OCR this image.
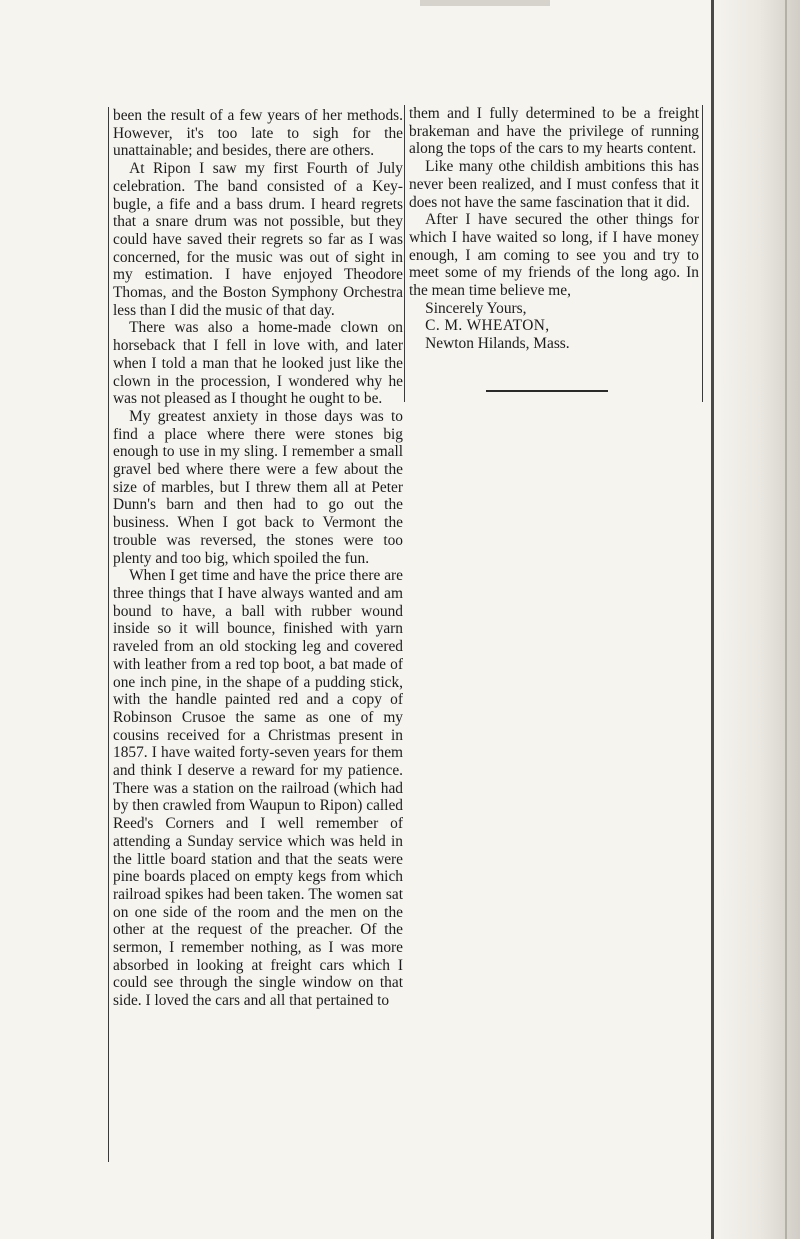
been the result of a few years of her methods. However, it's too late to sigh for the unattainable; and besides, there are others.

At Ripon I saw my first Fourth of July celebration. The band consisted of a Key-bugle, a fife and a bass drum. I heard regrets that a snare drum was not possible, but they could have saved their regrets so far as I was concerned, for the music was out of sight in my estimation. I have enjoyed Theodore Thomas, and the Boston Symphony Orchestra less than I did the music of that day.

There was also a home-made clown on horseback that I fell in love with, and later when I told a man that he looked just like the clown in the procession, I wondered why he was not pleased as I thought he ought to be.

My greatest anxiety in those days was to find a place where there were stones big enough to use in my sling. I remember a small gravel bed where there were a few about the size of marbles, but I threw them all at Peter Dunn's barn and then had to go out the business. When I got back to Vermont the trouble was reversed, the stones were too plenty and too big, which spoiled the fun.

When I get time and have the price there are three things that I have always wanted and am bound to have, a ball with rubber wound inside so it will bounce, finished with yarn raveled from an old stocking leg and covered with leather from a red top boot, a bat made of one inch pine, in the shape of a pudding stick, with the handle painted red and a copy of Robinson Crusoe the same as one of my cousins received for a Christmas present in 1857. I have waited forty-seven years for them and think I deserve a reward for my patience. There was a station on the railroad (which had by then crawled from Waupun to Ripon) called Reed's Corners and I well remember of attending a Sunday service which was held in the little board station and that the seats were pine boards placed on empty kegs from which railroad spikes had been taken. The women sat on one side of the room and the men on the other at the request of the preacher. Of the sermon, I remember nothing, as I was more absorbed in looking at freight cars which I could see through the single window on that side. I loved the cars and all that pertained to

them and I fully determined to be a freight brakeman and have the privilege of running along the tops of the cars to my hearts content.

Like many othe childish ambitions this has never been realized, and I must confess that it does not have the same fascination that it did.

After I have secured the other things for which I have waited so long, if I have money enough, I am coming to see you and try to meet some of my friends of the long ago. In the mean time believe me,

Sincerely Yours,

C. M. WHEATON,

Newton Hilands, Mass.
